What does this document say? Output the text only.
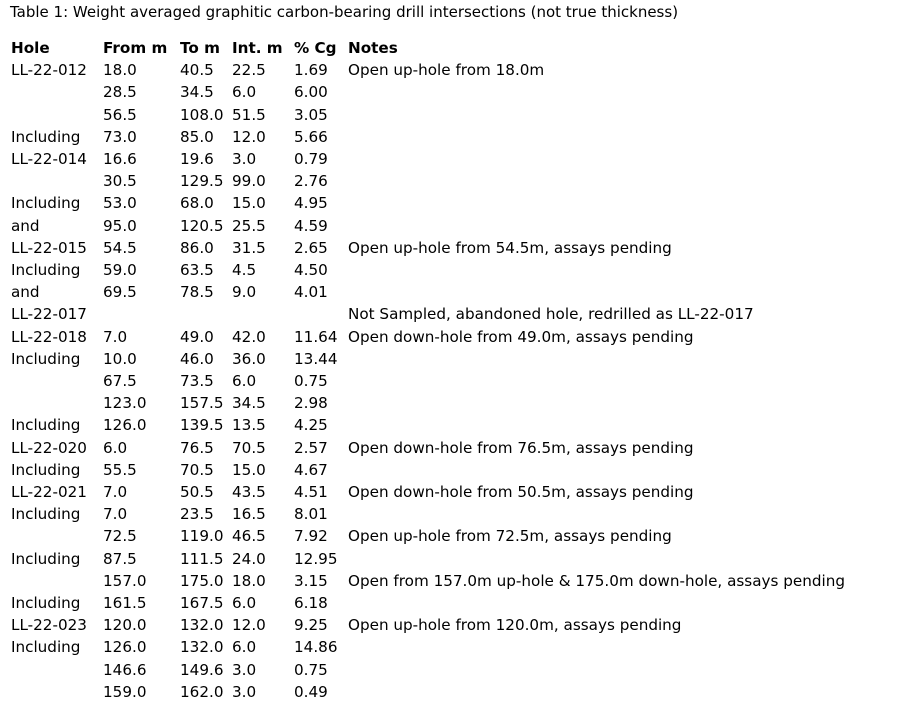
Table 1: Weight averaged graphitic carbon-bearing drill intersections (not true thickness)
Hole	From m	To m	Int. m	% Cg	Notes
LL-22-012	18.0	40.5	22.5	1.69	Open up-hole from 18.0m
	28.5	34.5	6.0	6.00	
	56.5	108.0	51.5	3.05	
Including	73.0	85.0	12.0	5.66	
LL-22-014	16.6	19.6	3.0	0.79	
	30.5	129.5	99.0	2.76	
Including	53.0	68.0	15.0	4.95	
and	95.0	120.5	25.5	4.59	
LL-22-015	54.5	86.0	31.5	2.65	Open up-hole from 54.5m, assays pending
Including	59.0	63.5	4.5	4.50	
and	69.5	78.5	9.0	4.01	
LL-22-017					Not Sampled, abandoned hole, redrilled as LL-22-017
LL-22-018	7.0	49.0	42.0	11.64	Open down-hole from 49.0m, assays pending
Including	10.0	46.0	36.0	13.44	
	67.5	73.5	6.0	0.75	
	123.0	157.5	34.5	2.98	
Including	126.0	139.5	13.5	4.25	
LL-22-020	6.0	76.5	70.5	2.57	Open down-hole from 76.5m, assays pending
Including	55.5	70.5	15.0	4.67	
LL-22-021	7.0	50.5	43.5	4.51	Open down-hole from 50.5m, assays pending
Including	7.0	23.5	16.5	8.01	
	72.5	119.0	46.5	7.92	Open up-hole from 72.5m, assays pending
Including	87.5	111.5	24.0	12.95	
	157.0	175.0	18.0	3.15	Open from 157.0m up-hole & 175.0m down-hole, assays pending
Including	161.5	167.5	6.0	6.18	
LL-22-023	120.0	132.0	12.0	9.25	Open up-hole from 120.0m, assays pending
Including	126.0	132.0	6.0	14.86	
	146.6	149.6	3.0	0.75	
	159.0	162.0	3.0	0.49	
